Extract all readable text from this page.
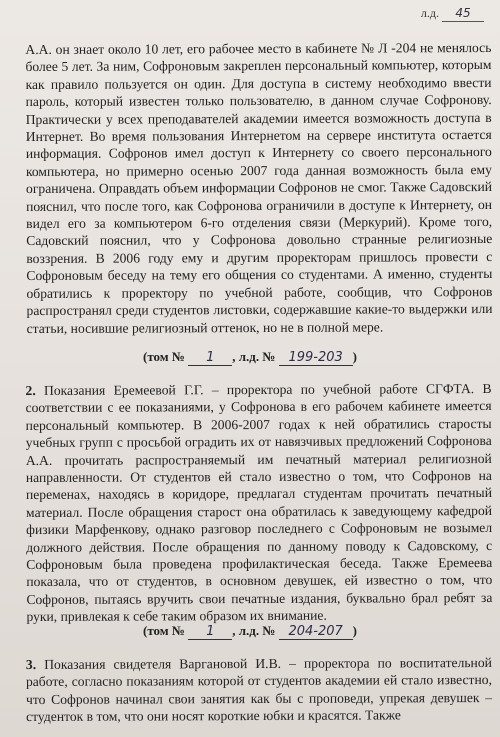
л.д. 45
А.А. он знает около 10 лет, его рабочее место в кабинете № Л -204 не менялось более 5 лет. За ним, Софроновым закреплен персональный компьютер, которым как правило пользуется он один. Для доступа в систему необходимо ввести пароль, который известен только пользователю, в данном случае Софронову. Практически у всех преподавателей академии имеется возможность доступа в Интернет. Во время пользования Интернетом на сервере института остается информация. Софронов имел доступ к Интернету со своего персонального компьютера, но примерно осенью 2007 года данная возможность была ему ограничена. Оправдать объем информации Софронов не смог. Также Садовский пояснил, что после того, как Софронова ограничили в доступе к Интернету, он видел его за компьютером 6-го отделения связи (Меркурий). Кроме того, Садовский пояснил, что у Софронова довольно странные религиозные воззрения. В 2006 году ему и другим проректорам пришлось провести с Софроновым беседу на тему его общения со студентами. А именно, студенты обратились к проректору по учебной работе, сообщив, что Софронов распространял среди студентов листовки, содержавшие какие-то выдержки или статьи, носившие религиозный оттенок, но не в полной мере.
(том № 1 , л.д. № 199-203 )
2. Показания Еремеевой Г.Г. – проректора по учебной работе СГФТА. В соответствии с ее показаниями, у Софронова в его рабочем кабинете имеется персональный компьютер. В 2006-2007 годах к ней обратились старосты учебных групп с просьбой оградить их от навязчивых предложений Софронова А.А. прочитать распространяемый им печатный материал религиозной направленности. От студентов ей стало известно о том, что Софронов на переменах, находясь в коридоре, предлагал студентам прочитать печатный материал. После обращения старост она обратилась к заведующему кафедрой физики Марфенкову, однако разговор последнего с Софроновым не возымел должного действия. После обращения по данному поводу к Садовскому, с Софроновым была проведена профилактическая беседа. Также Еремеева показала, что от студентов, в основном девушек, ей известно о том, что Софронов, пытаясь вручить свои печатные издания, буквально брал ребят за руки, привлекая к себе таким образом их внимание.
(том № 1 , л.д. № 204-207 )
3. Показания свидетеля Варгановой И.В. – проректора по воспитательной работе, согласно показаниям которой от студентов академии ей стало известно, что Софронов начинал свои занятия как бы с проповеди, упрекая девушек – студенток в том, что они носят короткие юбки и красятся. Также
